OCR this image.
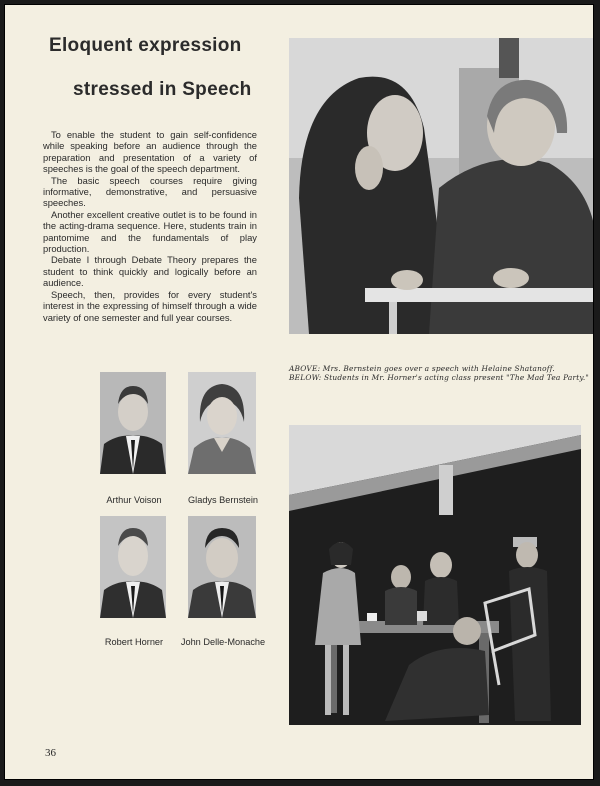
Eloquent expression
stressed in Speech

To enable the student to gain self-confidence while speaking before an audience through the preparation and presentation of a variety of speeches is the goal of the speech department.

The basic speech courses require giving informative, demonstrative, and persuasive speeches.

Another excellent creative outlet is to be found in the acting-drama sequence. Here, students train in pantomime and the fundamentals of play production.

Debate I through Debate Theory prepares the student to think quickly and logically before an audience.

Speech, then, provides for every student's interest in the expressing of himself through a wide variety of one semester and full year courses.

ABOVE: Mrs. Bernstein goes over a speech with Helaine Shatanoff.
BELOW: Students in Mr. Horner's acting class present "The Mad Tea Party."
Arthur Voison	Gladys Bernstein
Robert Horner	John Delle-Monache
36
